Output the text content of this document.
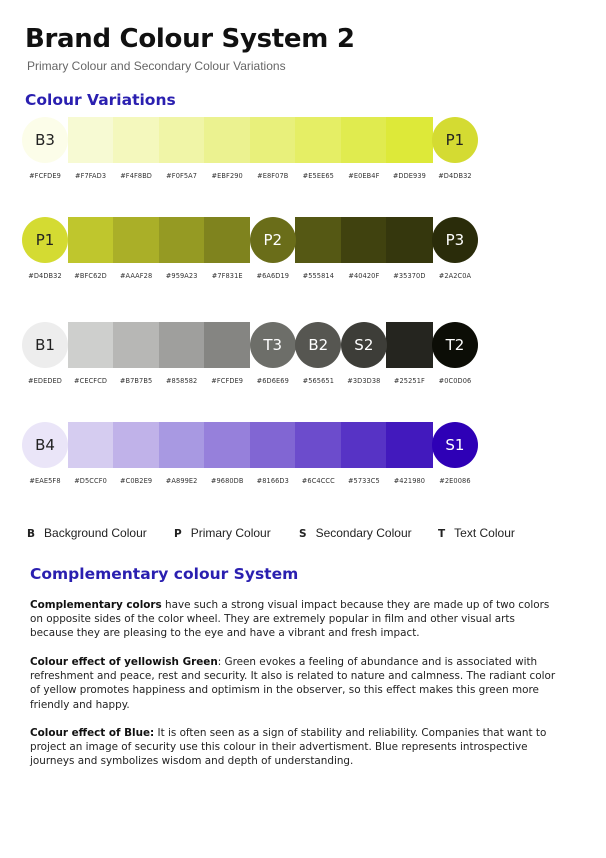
Brand Colour System 2
Primary Colour and Secondary Colour Variations
Colour Variations
B3
#FCFDE9	#F7FAD3	#F4F8BD	#F0F5A7	#EBF290	#E8F07B	#E5EE65	#E0EB4F	#DDE939
P1
#D4DB32
P1
#D4DB32	#BFC62D	#AAAF28	#959A23	#7F831E
P2
#6A6D19	#555814	#40420F	#35370D
P3
#2A2C0A
B1
#EDEDED	#CECFCD	#B7B7B5	#858582	#FCFDE9
T3
#6D6E69
B2
#565651
S2
#3D3D38	#25251F
T2
#0C0D06
B4
#EAE5F8	#D5CCF0	#C0B2E9	#A899E2	#9680DB	#8166D3	#6C4CCC	#5733C5	#421980
S1
#2E0086
B Background Colour	P Primary Colour	S Secondary Colour	T Text Colour
Complementary colour System

Complementary colors have such a strong visual impact because they are made up of two colors on opposite sides of the color wheel. They are extremely popular in film and other visual arts because they are pleasing to the eye and have a vibrant and fresh impact.

Colour effect of yellowish Green: Green evokes a feeling of abundance and is associated with refreshment and peace, rest and security. It also is related to nature and calmness. The radiant color of yellow promotes happiness and optimism in the observer, so this effect makes this green more friendly and happy.

Colour effect of Blue: It is often seen as a sign of stability and reliability. Companies that want to project an image of security use this colour in their advertisment. Blue represents introspective journeys and symbolizes wisdom and depth of understanding.
